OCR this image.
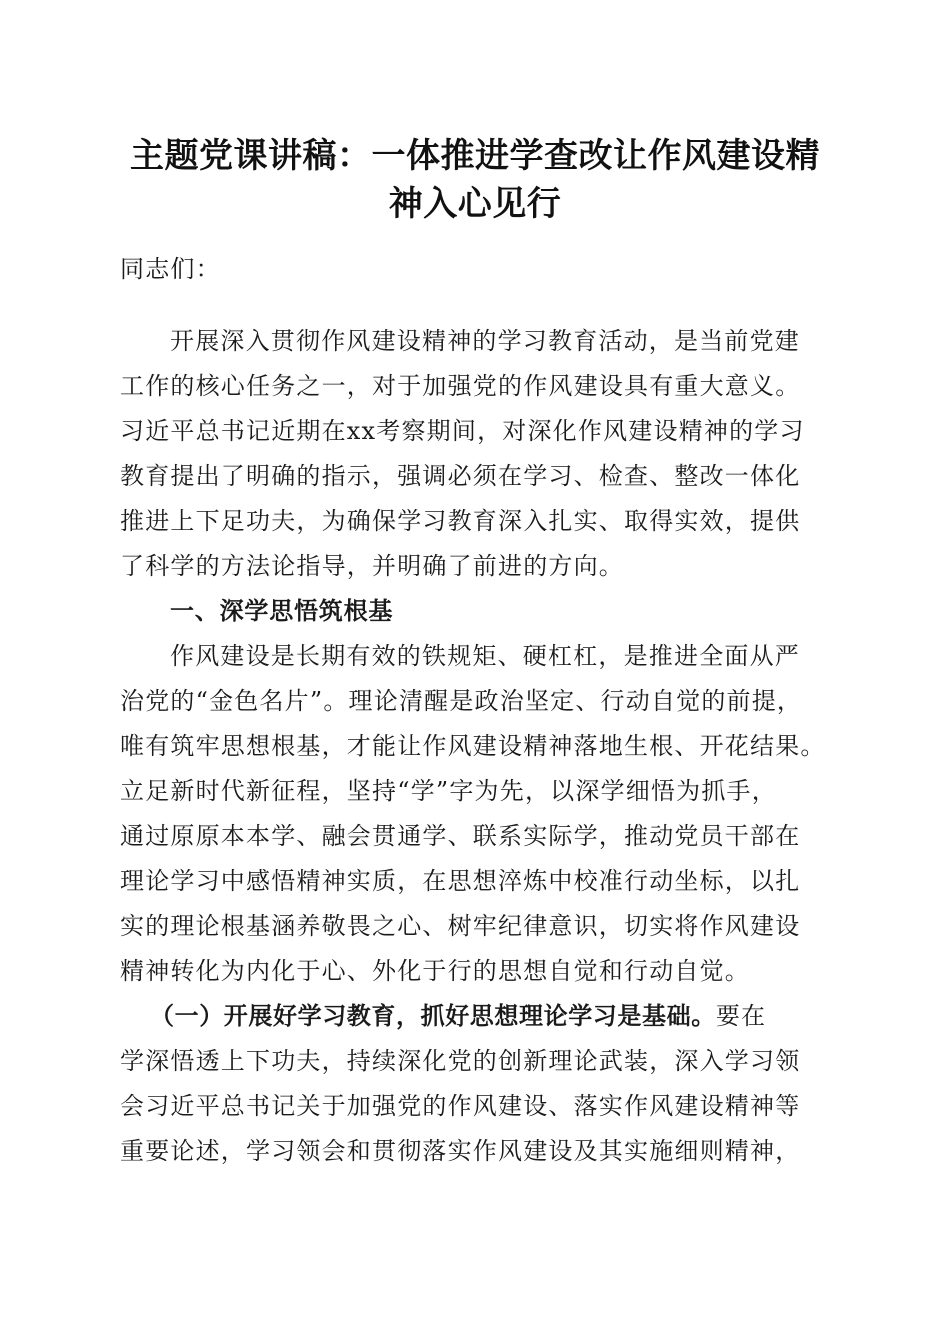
主题党课讲稿：一体推进学查改让作风建设精
神入心见行

同志们：

开展深入贯彻作风建设精神的学习教育活动，是当前党建

工作的核心任务之一，对于加强党的作风建设具有重大意义。

习近平总书记近期在xx考察期间，对深化作风建设精神的学习

教育提出了明确的指示，强调必须在学习、检查、整改一体化

推进上下足功夫，为确保学习教育深入扎实、取得实效，提供

了科学的方法论指导，并明确了前进的方向。

一、深学思悟筑根基

作风建设是长期有效的铁规矩、硬杠杠，是推进全面从严

治党的“金色名片”。理论清醒是政治坚定、行动自觉的前提，

唯有筑牢思想根基，才能让作风建设精神落地生根、开花结果。

立足新时代新征程，坚持“学”字为先，以深学细悟为抓手，

通过原原本本学、融会贯通学、联系实际学，推动党员干部在

理论学习中感悟精神实质，在思想淬炼中校准行动坐标，以扎

实的理论根基涵养敬畏之心、树牢纪律意识，切实将作风建设

精神转化为内化于心、外化于行的思想自觉和行动自觉。

（一）开展好学习教育，抓好思想理论学习是基础。要在

学深悟透上下功夫，持续深化党的创新理论武装，深入学习领

会习近平总书记关于加强党的作风建设、落实作风建设精神等

重要论述，学习领会和贯彻落实作风建设及其实施细则精神，
